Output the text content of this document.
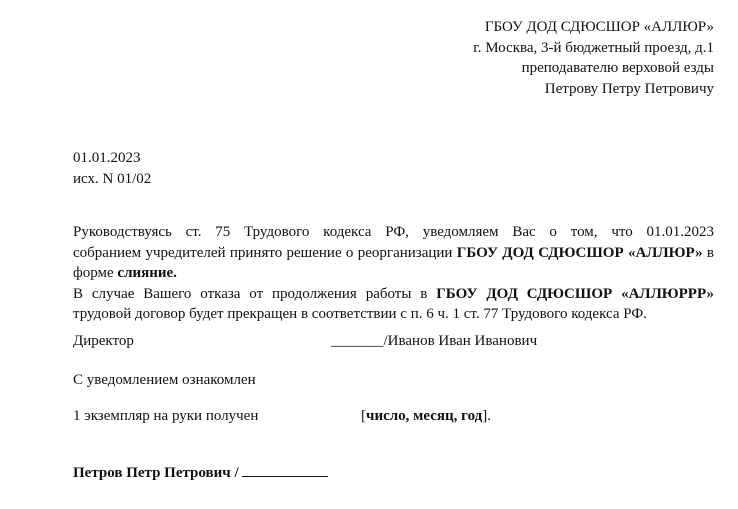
ГБОУ ДОД СДЮСШОР «АЛЛЮР»
г. Москва, 3-й бюджетный проезд, д.1
преподавателю верховой езды
Петрову Петру Петровичу
01.01.2023
исх. N 01/02

Руководствуясь ст. 75 Трудового кодекса РФ, уведомляем Вас о том, что 01.01.2023

собранием учредителей принято решение о реорганизации ГБОУ ДОД СДЮСШОР «АЛЛЮР» в

форме слияние.

В случае Вашего отказа от продолжения работы в ГБОУ ДОД СДЮСШОР «АЛЛЮРРР»

трудовой договор будет прекращен в соответствии с п. 6 ч. 1 ст. 77 Трудового кодекса РФ.

Директор	_______/Иванов Иван Иванович
С уведомлением ознакомлен
1 экземпляр на руки получен	[число, месяц, год].
Петров Петр Петрович /
